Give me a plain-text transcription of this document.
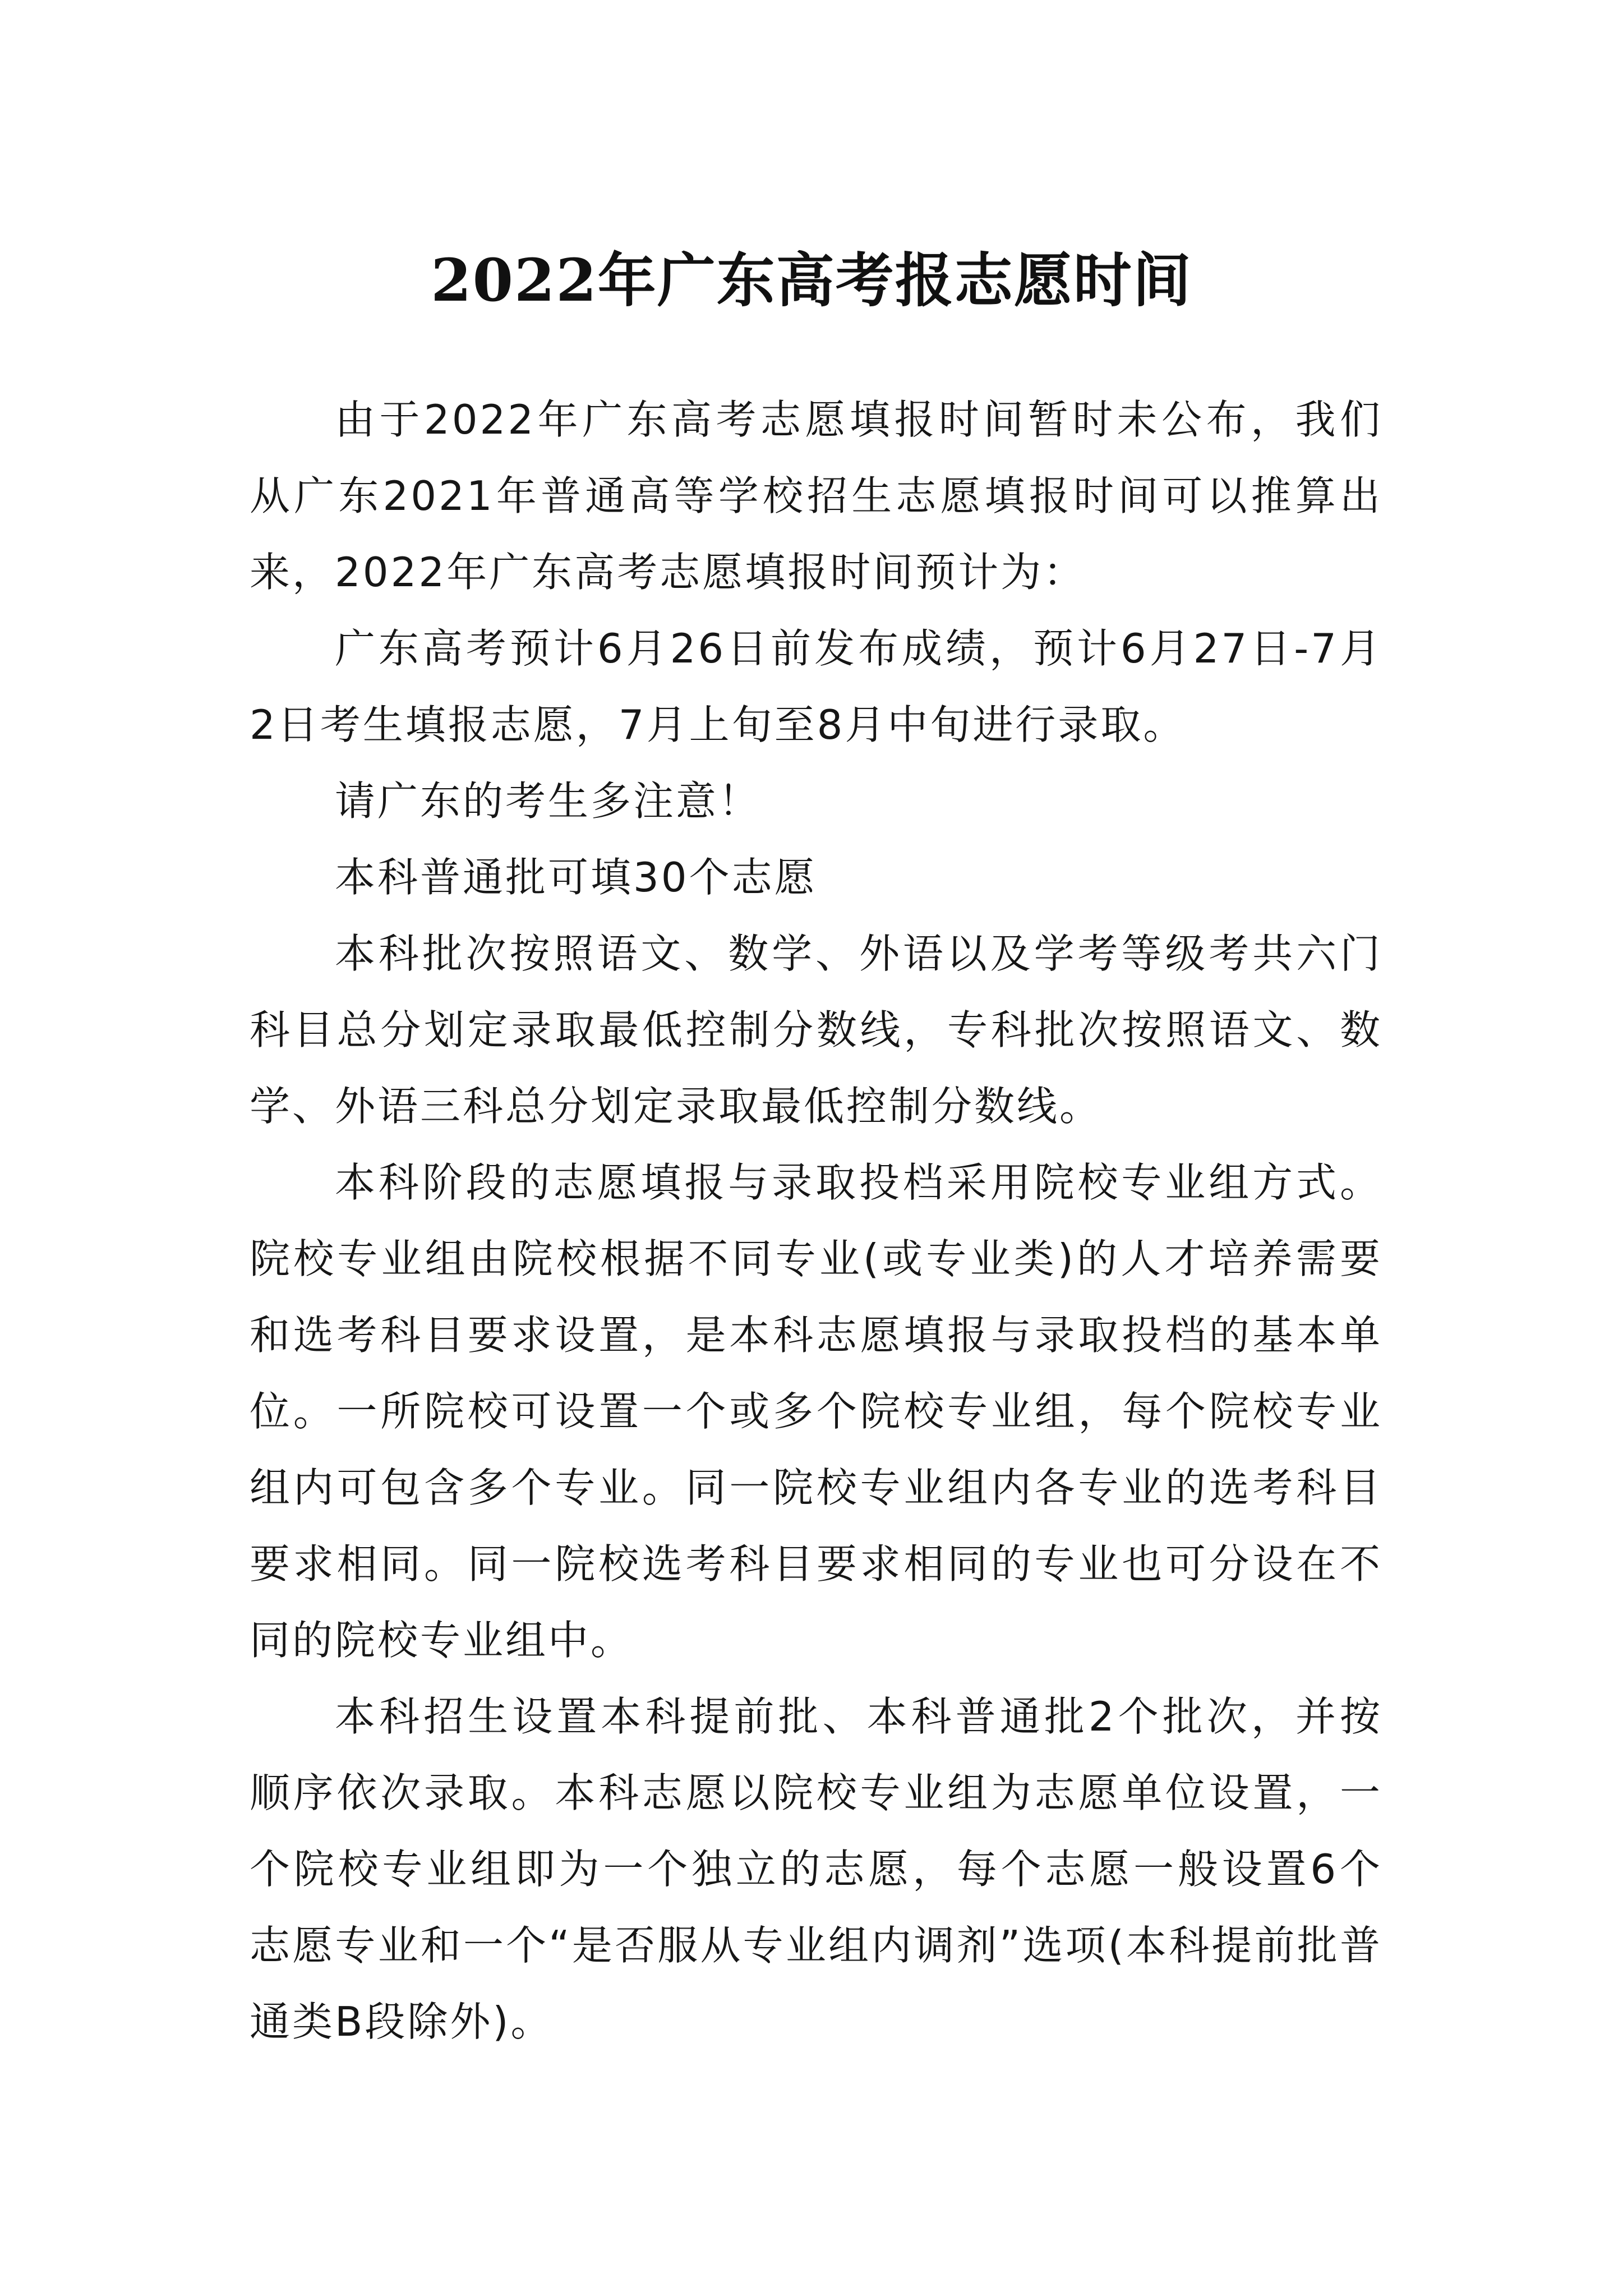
2022年广东高考报志愿时间

由于2022年广东高考志愿填报时间暂时未公布，我们从广东2021年普通高等学校招生志愿填报时间可以推算出来，2022年广东高考志愿填报时间预计为：

广东高考预计6月26日前发布成绩，预计6月27日-7月2日考生填报志愿，7月上旬至8月中旬进行录取。

请广东的考生多注意！

本科普通批可填30个志愿

本科批次按照语文、数学、外语以及学考等级考共六门科目总分划定录取最低控制分数线，专科批次按照语文、数学、外语三科总分划定录取最低控制分数线。

本科阶段的志愿填报与录取投档采用院校专业组方式。院校专业组由院校根据不同专业(或专业类)的人才培养需要和选考科目要求设置，是本科志愿填报与录取投档的基本单位。一所院校可设置一个或多个院校专业组，每个院校专业组内可包含多个专业。同一院校专业组内各专业的选考科目要求相同。同一院校选考科目要求相同的专业也可分设在不同的院校专业组中。

本科招生设置本科提前批、本科普通批2个批次，并按顺序依次录取。本科志愿以院校专业组为志愿单位设置，一个院校专业组即为一个独立的志愿，每个志愿一般设置6个志愿专业和一个“是否服从专业组内调剂”选项(本科提前批普通类B段除外)。
